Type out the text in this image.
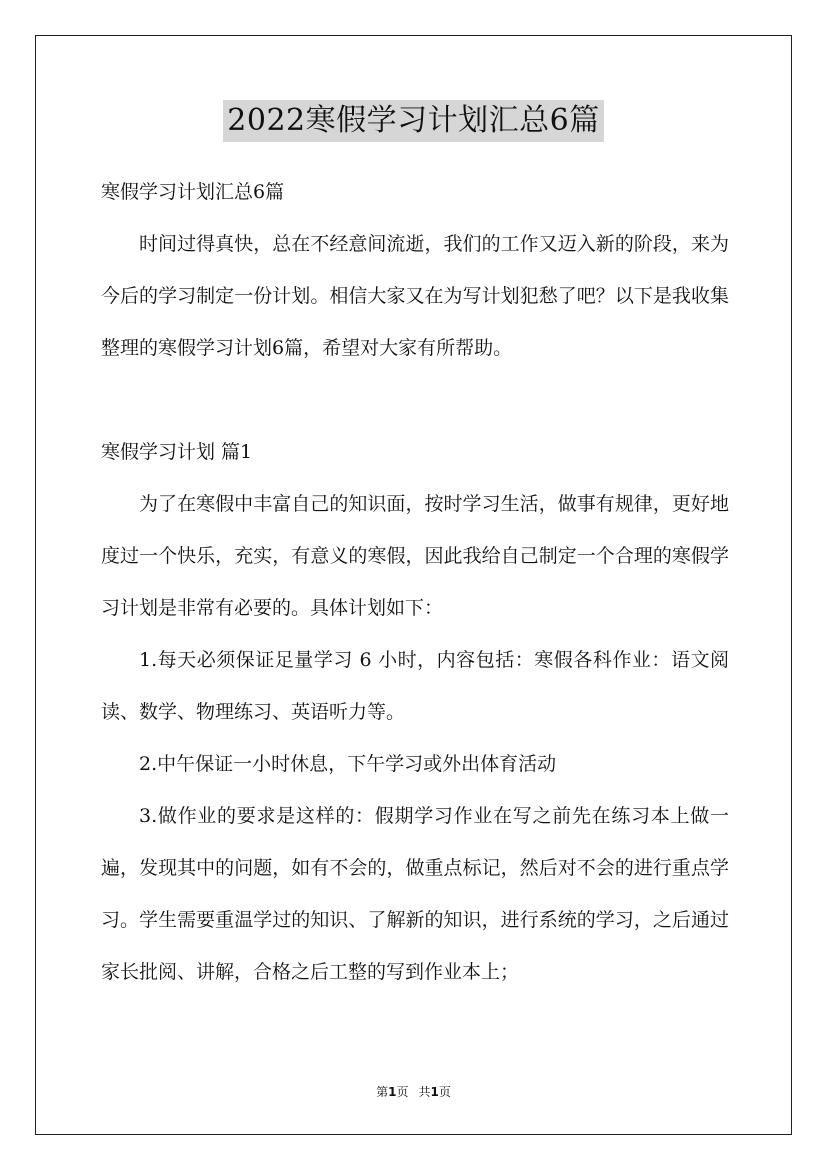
2022寒假学习计划汇总6篇

寒假学习计划汇总6篇

时间过得真快，总在不经意间流逝，我们的工作又迈入新的阶段，来为今后的学习制定一份计划。相信大家又在为写计划犯愁了吧？以下是我收集整理的寒假学习计划6篇，希望对大家有所帮助。

寒假学习计划 篇1

为了在寒假中丰富自己的知识面，按时学习生活，做事有规律，更好地度过一个快乐，充实，有意义的寒假，因此我给自己制定一个合理的寒假学习计划是非常有必要的。具体计划如下：

1.每天必须保证足量学习 6 小时，内容包括：寒假各科作业：语文阅读、数学、物理练习、英语听力等。

2.中午保证一小时休息，下午学习或外出体育活动

3.做作业的要求是这样的：假期学习作业在写之前先在练习本上做一遍，发现其中的问题，如有不会的，做重点标记，然后对不会的进行重点学习。学生需要重温学过的知识、了解新的知识，进行系统的学习，之后通过家长批阅、讲解，合格之后工整的写到作业本上；

第1页 共1页
